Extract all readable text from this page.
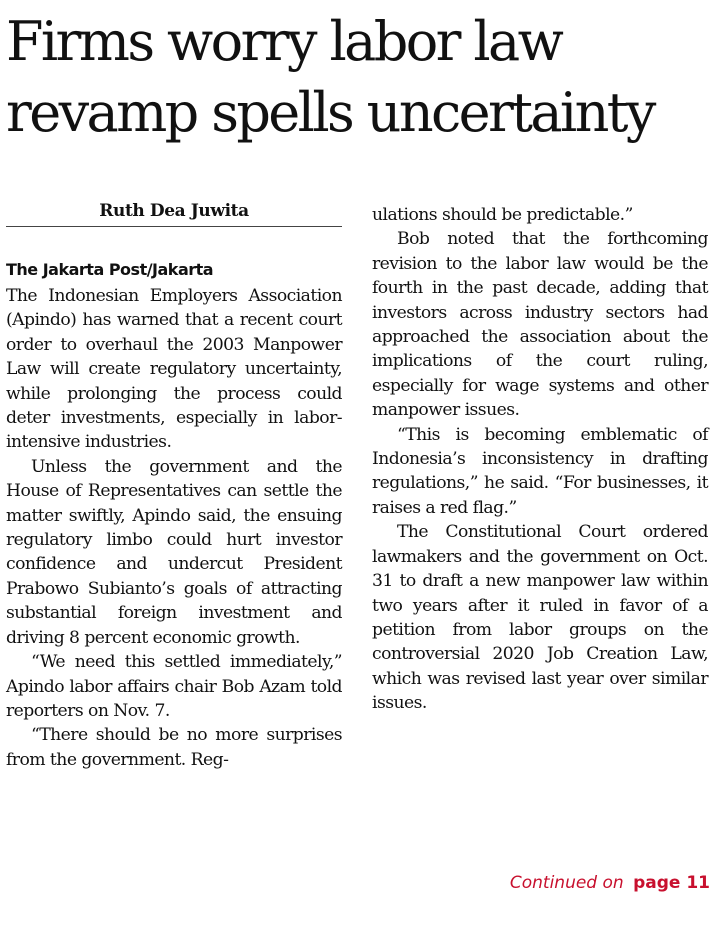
Firms worry labor law
revamp spells uncertainty
Ruth Dea Juwita
The Jakarta Post/Jakarta

The Indonesian Employers Association (Apindo) has warned that a recent court order to overhaul the 2003 Manpower Law will create regulatory uncertainty, while prolonging the process could deter investments, especially in labor-intensive industries.

Unless the government and the House of Representatives can settle the matter swiftly, Apindo said, the ensuing regulatory limbo could hurt investor confidence and undercut President Prabowo Subianto’s goals of attracting substantial foreign investment and driving 8 percent economic growth.

“We need this settled immediately,” Apindo labor affairs chair Bob Azam told reporters on Nov. 7.

“There should be no more surprises from the government. Reg-

ulations should be predictable.”

Bob noted that the forthcoming revision to the labor law would be the fourth in the past decade, adding that investors across industry sectors had approached the association about the implications of the court ruling, especially for wage systems and other manpower issues.

“This is becoming emblematic of Indonesia’s inconsistency in drafting regulations,” he said. “For businesses, it raises a red flag.”

The Constitutional Court ordered lawmakers and the government on Oct. 31 to draft a new manpower law within two years after it ruled in favor of a petition from labor groups on the controversial 2020 Job Creation Law, which was revised last year over similar issues.

Continued on page 11
